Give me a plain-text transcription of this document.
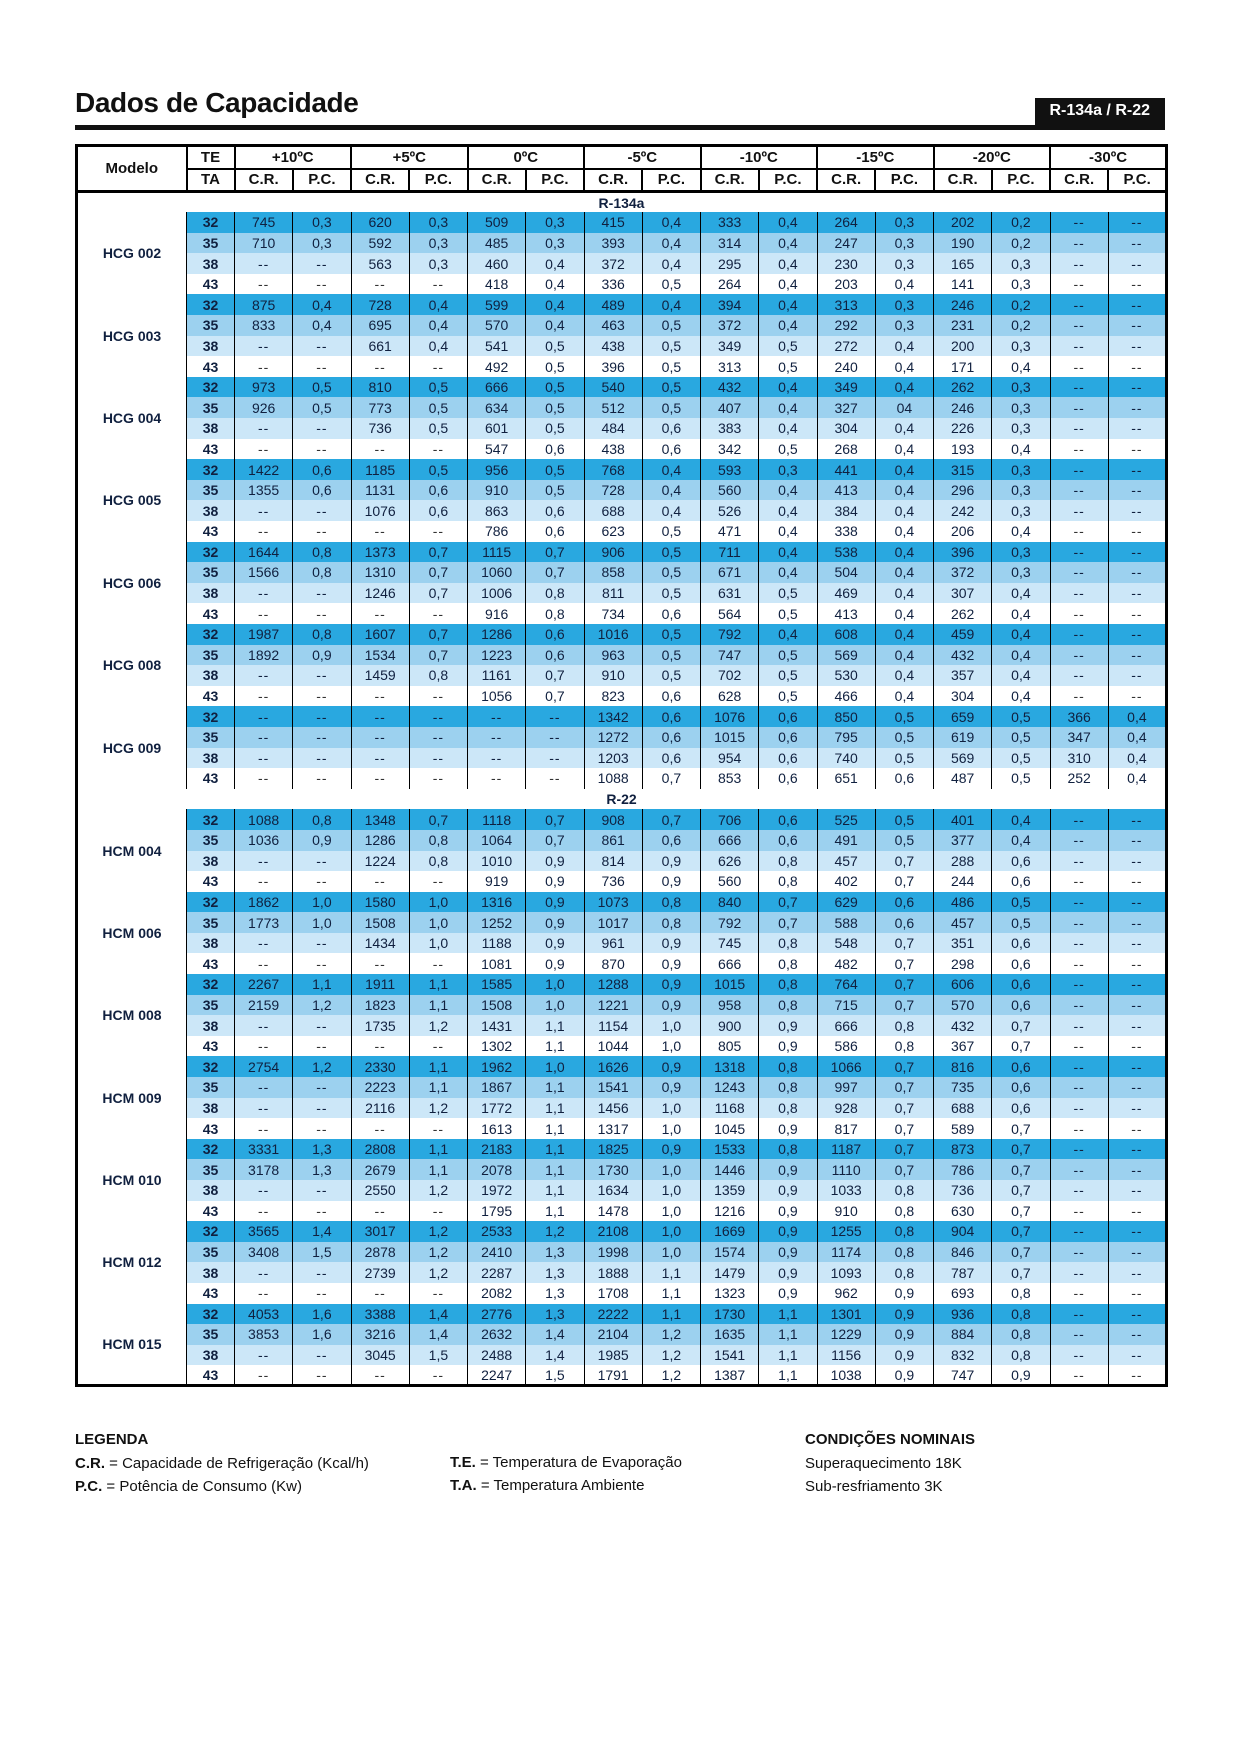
Dados de Capacidade	R-134a / R-22
Modelo	TE	+10ºC		+5ºC		0ºC		-5ºC		-10ºC		-15ºC		-20ºC		-30ºC	
	TA	C.R.	P.C.	C.R.	P.C.	C.R.	P.C.	C.R.	P.C.	C.R.	P.C.	C.R.	P.C.	C.R.	P.C.	C.R.	P.C.
R-134a																	
HCG 002	32	745	0,3	620	0,3	509	0,3	415	0,4	333	0,4	264	0,3	202	0,2	--	--
	35	710	0,3	592	0,3	485	0,3	393	0,4	314	0,4	247	0,3	190	0,2	--	--
	38	--	--	563	0,3	460	0,4	372	0,4	295	0,4	230	0,3	165	0,3	--	--
	43	--	--	--	--	418	0,4	336	0,5	264	0,4	203	0,4	141	0,3	--	--
HCG 003	32	875	0,4	728	0,4	599	0,4	489	0,4	394	0,4	313	0,3	246	0,2	--	--
	35	833	0,4	695	0,4	570	0,4	463	0,5	372	0,4	292	0,3	231	0,2	--	--
	38	--	--	661	0,4	541	0,5	438	0,5	349	0,5	272	0,4	200	0,3	--	--
	43	--	--	--	--	492	0,5	396	0,5	313	0,5	240	0,4	171	0,4	--	--
HCG 004	32	973	0,5	810	0,5	666	0,5	540	0,5	432	0,4	349	0,4	262	0,3	--	--
	35	926	0,5	773	0,5	634	0,5	512	0,5	407	0,4	327	04	246	0,3	--	--
	38	--	--	736	0,5	601	0,5	484	0,6	383	0,4	304	0,4	226	0,3	--	--
	43	--	--	--	--	547	0,6	438	0,6	342	0,5	268	0,4	193	0,4	--	--
HCG 005	32	1422	0,6	1185	0,5	956	0,5	768	0,4	593	0,3	441	0,4	315	0,3	--	--
	35	1355	0,6	1131	0,6	910	0,5	728	0,4	560	0,4	413	0,4	296	0,3	--	--
	38	--	--	1076	0,6	863	0,6	688	0,4	526	0,4	384	0,4	242	0,3	--	--
	43	--	--	--	--	786	0,6	623	0,5	471	0,4	338	0,4	206	0,4	--	--
HCG 006	32	1644	0,8	1373	0,7	1115	0,7	906	0,5	711	0,4	538	0,4	396	0,3	--	--
	35	1566	0,8	1310	0,7	1060	0,7	858	0,5	671	0,4	504	0,4	372	0,3	--	--
	38	--	--	1246	0,7	1006	0,8	811	0,5	631	0,5	469	0,4	307	0,4	--	--
	43	--	--	--	--	916	0,8	734	0,6	564	0,5	413	0,4	262	0,4	--	--
HCG 008	32	1987	0,8	1607	0,7	1286	0,6	1016	0,5	792	0,4	608	0,4	459	0,4	--	--
	35	1892	0,9	1534	0,7	1223	0,6	963	0,5	747	0,5	569	0,4	432	0,4	--	--
	38	--	--	1459	0,8	1161	0,7	910	0,5	702	0,5	530	0,4	357	0,4	--	--
	43	--	--	--	--	1056	0,7	823	0,6	628	0,5	466	0,4	304	0,4	--	--
HCG 009	32	--	--	--	--	--	--	1342	0,6	1076	0,6	850	0,5	659	0,5	366	0,4
	35	--	--	--	--	--	--	1272	0,6	1015	0,6	795	0,5	619	0,5	347	0,4
	38	--	--	--	--	--	--	1203	0,6	954	0,6	740	0,5	569	0,5	310	0,4
	43	--	--	--	--	--	--	1088	0,7	853	0,6	651	0,6	487	0,5	252	0,4
R-22																	
HCM 004	32	1088	0,8	1348	0,7	1118	0,7	908	0,7	706	0,6	525	0,5	401	0,4	--	--
	35	1036	0,9	1286	0,8	1064	0,7	861	0,6	666	0,6	491	0,5	377	0,4	--	--
	38	--	--	1224	0,8	1010	0,9	814	0,9	626	0,8	457	0,7	288	0,6	--	--
	43	--	--	--	--	919	0,9	736	0,9	560	0,8	402	0,7	244	0,6	--	--
HCM 006	32	1862	1,0	1580	1,0	1316	0,9	1073	0,8	840	0,7	629	0,6	486	0,5	--	--
	35	1773	1,0	1508	1,0	1252	0,9	1017	0,8	792	0,7	588	0,6	457	0,5	--	--
	38	--	--	1434	1,0	1188	0,9	961	0,9	745	0,8	548	0,7	351	0,6	--	--
	43	--	--	--	--	1081	0,9	870	0,9	666	0,8	482	0,7	298	0,6	--	--
HCM 008	32	2267	1,1	1911	1,1	1585	1,0	1288	0,9	1015	0,8	764	0,7	606	0,6	--	--
	35	2159	1,2	1823	1,1	1508	1,0	1221	0,9	958	0,8	715	0,7	570	0,6	--	--
	38	--	--	1735	1,2	1431	1,1	1154	1,0	900	0,9	666	0,8	432	0,7	--	--
	43	--	--	--	--	1302	1,1	1044	1,0	805	0,9	586	0,8	367	0,7	--	--
HCM 009	32	2754	1,2	2330	1,1	1962	1,0	1626	0,9	1318	0,8	1066	0,7	816	0,6	--	--
	35	--	--	2223	1,1	1867	1,1	1541	0,9	1243	0,8	997	0,7	735	0,6	--	--
	38	--	--	2116	1,2	1772	1,1	1456	1,0	1168	0,8	928	0,7	688	0,6	--	--
	43	--	--	--	--	1613	1,1	1317	1,0	1045	0,9	817	0,7	589	0,7	--	--
HCM 010	32	3331	1,3	2808	1,1	2183	1,1	1825	0,9	1533	0,8	1187	0,7	873	0,7	--	--
	35	3178	1,3	2679	1,1	2078	1,1	1730	1,0	1446	0,9	1110	0,7	786	0,7	--	--
	38	--	--	2550	1,2	1972	1,1	1634	1,0	1359	0,9	1033	0,8	736	0,7	--	--
	43	--	--	--	--	1795	1,1	1478	1,0	1216	0,9	910	0,8	630	0,7	--	--
HCM 012	32	3565	1,4	3017	1,2	2533	1,2	2108	1,0	1669	0,9	1255	0,8	904	0,7	--	--
	35	3408	1,5	2878	1,2	2410	1,3	1998	1,0	1574	0,9	1174	0,8	846	0,7	--	--
	38	--	--	2739	1,2	2287	1,3	1888	1,1	1479	0,9	1093	0,8	787	0,7	--	--
	43	--	--	--	--	2082	1,3	1708	1,1	1323	0,9	962	0,9	693	0,8	--	--
HCM 015	32	4053	1,6	3388	1,4	2776	1,3	2222	1,1	1730	1,1	1301	0,9	936	0,8	--	--
	35	3853	1,6	3216	1,4	2632	1,4	2104	1,2	1635	1,1	1229	0,9	884	0,8	--	--
	38	--	--	3045	1,5	2488	1,4	1985	1,2	1541	1,1	1156	0,9	832	0,8	--	--
	43	--	--	--	--	2247	1,5	1791	1,2	1387	1,1	1038	0,9	747	0,9	--	--
LEGENDA
C.R. = Capacidade de Refrigeração (Kcal/h)
P.C. = Potência de Consumo (Kw)
T.E. = Temperatura de Evaporação
T.A. = Temperatura Ambiente
CONDIÇÕES NOMINAIS
Superaquecimento 18K
Sub-resfriamento 3K
